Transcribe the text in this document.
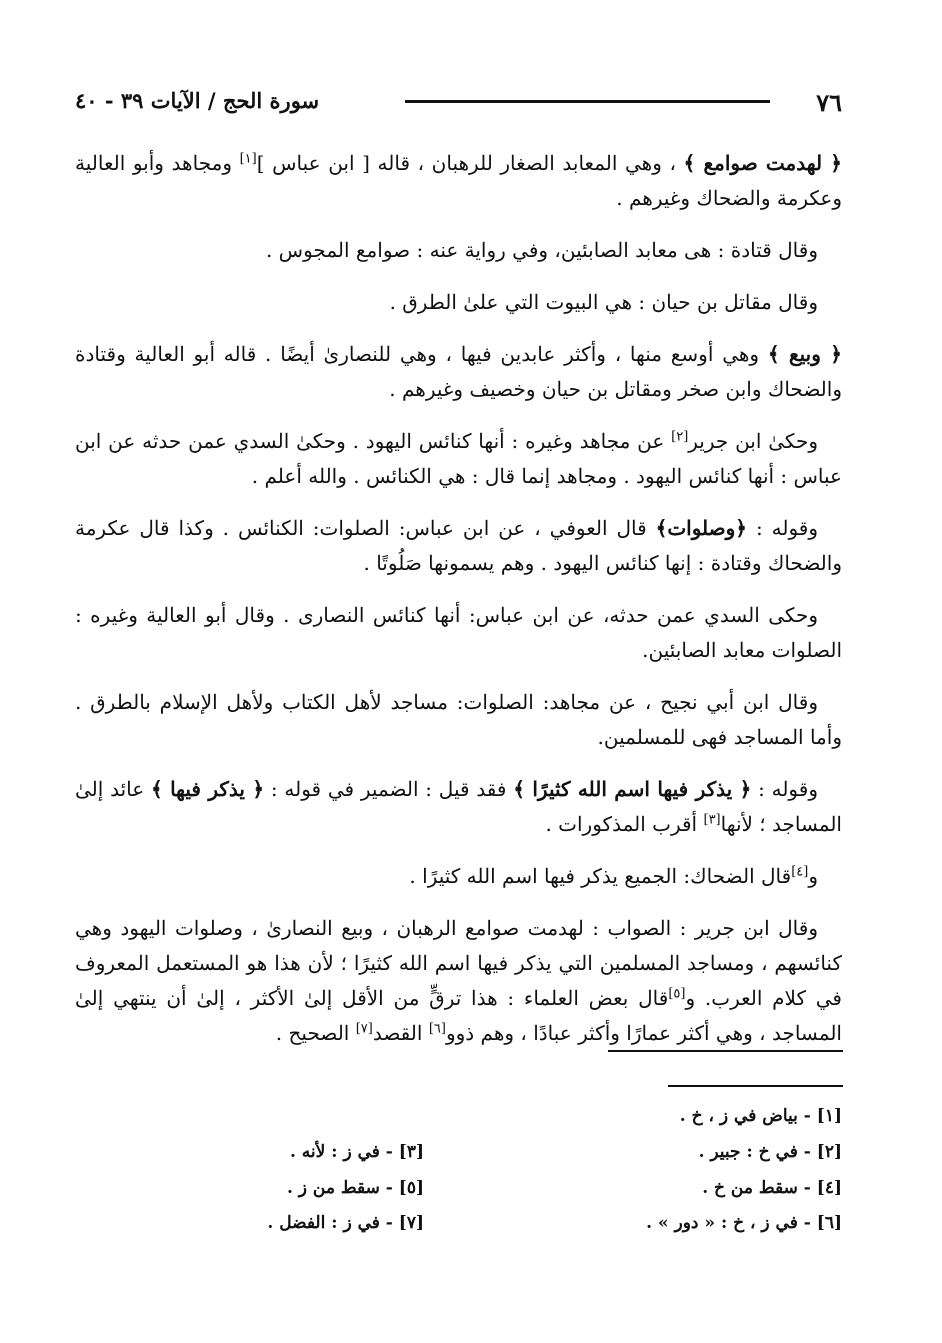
٧٦
سورة الحج / الآيات ٣٩ - ٤٠

﴿ لهدمت صوامع ﴾ ، وهي المعابد الصغار للرهبان ، قاله [ ابن عباس ][١] ومجاهد وأبو العالية وعكرمة والضحاك وغيرهم .

وقال قتادة : هى معابد الصابئين، وفي رواية عنه : صوامع المجوس .

وقال مقاتل بن حيان : هي البيوت التي علىٰ الطرق .

﴿ وبيع ﴾ وهي أوسع منها ، وأكثر عابدين فيها ، وهي للنصارىٰ أيضًا . قاله أبو العالية وقتادة والضحاك وابن صخر ومقاتل بن حيان وخصيف وغيرهم .

وحكىٰ ابن جرير[٢] عن مجاهد وغيره : أنها كنائس اليهود . وحكىٰ السدي عمن حدثه عن ابن عباس : أنها كنائس اليهود . ومجاهد إنما قال : هي الكنائس . والله أعلم .

وقوله : ﴿وصلوات﴾ قال العوفي ، عن ابن عباس: الصلوات: الكنائس . وكذا قال عكرمة والضحاك وقتادة : إنها كنائس اليهود . وهم يسمونها صَلُوتًا .

وحكى السدي عمن حدثه، عن ابن عباس: أنها كنائس النصارى . وقال أبو العالية وغيره : الصلوات معابد الصابئين.

وقال ابن أبي نجيح ، عن مجاهد: الصلوات: مساجد لأهل الكتاب ولأهل الإسلام بالطرق . وأما المساجد فهى للمسلمين.

وقوله : ﴿ يذكر فيها اسم الله كثيرًا ﴾ فقد قيل : الضمير في قوله : ﴿ يذكر فيها ﴾ عائد إلىٰ المساجد ؛ لأنها[٣] أقرب المذكورات .

و[٤]قال الضحاك: الجميع يذكر فيها اسم الله كثيرًا .

وقال ابن جرير : الصواب : لهدمت صوامع الرهبان ، وبيع النصارىٰ ، وصلوات اليهود وهي كنائسهم ، ومساجد المسلمين التي يذكر فيها اسم الله كثيرًا ؛ لأن هذا هو المستعمل المعروف في كلام العرب. و[٥]قال بعض العلماء : هذا ترقٍّ من الأقل إلىٰ الأكثر ، إلىٰ أن ينتهي إلىٰ المساجد ، وهي أكثر عمارًا وأكثر عبادًا ، وهم ذوو[٦] القصد[٧] الصحيح .

[١] - بياض في ز ، خ .
[٢] - في خ : جبير .
[٣] - في ز : لأنه .
[٤] - سقط من خ .
[٥] - سقط من ز .
[٦] - في ز ، خ : « دور » .
[٧] - في ز : الفضل .
